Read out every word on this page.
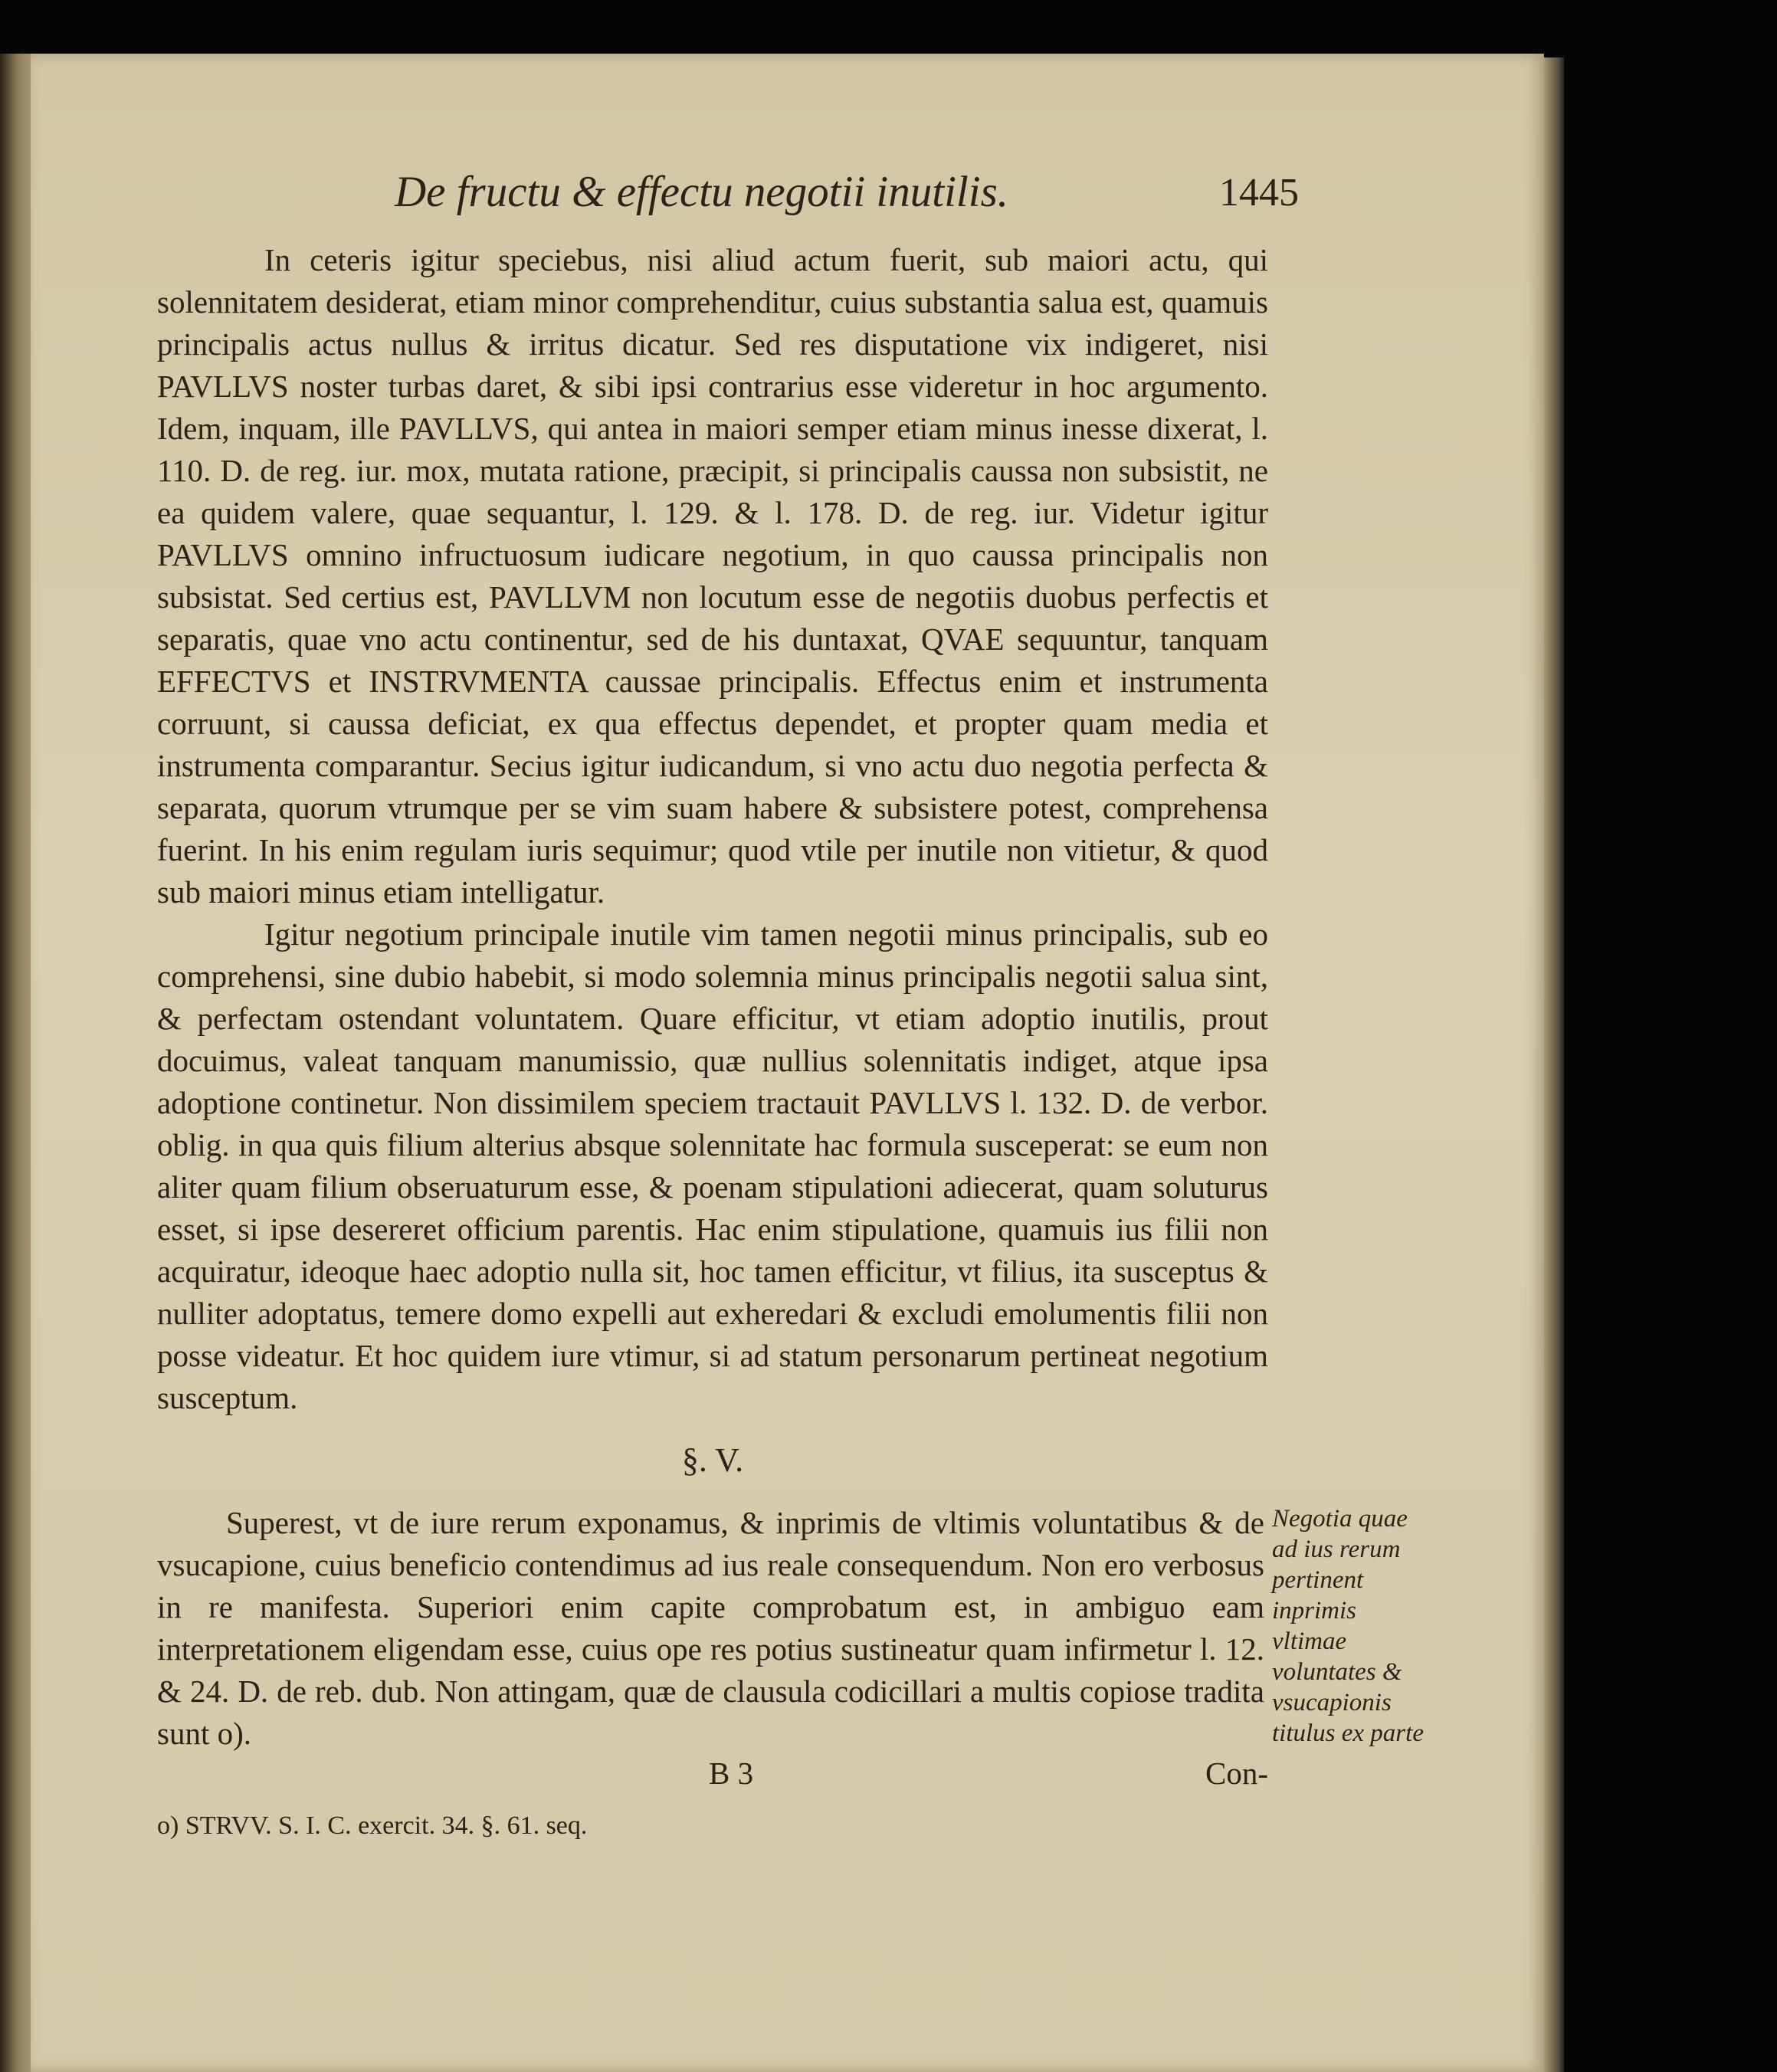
De fructu & effectu negotii inutilis.	1445

In ceteris igitur speciebus, nisi aliud actum fuerit, sub maiori actu, qui solennitatem desiderat, etiam minor comprehenditur, cuius substantia salua est, quamuis principalis actus nullus & irritus dicatur. Sed res disputatione vix indigeret, nisi PAVLLVS noster turbas daret, & sibi ipsi contrarius esse videretur in hoc argumento. Idem, inquam, ille PAVLLVS, qui antea in maiori semper etiam minus inesse dixerat, l. 110. D. de reg. iur. mox, mutata ratione, præcipit, si principalis caussa non subsistit, ne ea quidem valere, quae sequantur, l. 129. & l. 178. D. de reg. iur. Videtur igitur PAVLLVS omnino infructuosum iudicare negotium, in quo caussa principalis non subsistat. Sed certius est, PAVLLVM non locutum esse de negotiis duobus perfectis et separatis, quae vno actu continentur, sed de his duntaxat, QVAE sequuntur, tanquam EFFECTVS et INSTRVMENTA caussae principalis. Effectus enim et instrumenta corruunt, si caussa deficiat, ex qua effectus dependet, et propter quam media et instrumenta comparantur. Secius igitur iudicandum, si vno actu duo negotia perfecta & separata, quorum vtrumque per se vim suam habere & subsistere potest, comprehensa fuerint. In his enim regulam iuris sequimur; quod vtile per inutile non vitietur, & quod sub maiori minus etiam intelligatur.

Igitur negotium principale inutile vim tamen negotii minus principalis, sub eo comprehensi, sine dubio habebit, si modo solemnia minus principalis negotii salua sint, & perfectam ostendant voluntatem. Quare efficitur, vt etiam adoptio inutilis, prout docuimus, valeat tanquam manumissio, quæ nullius solennitatis indiget, atque ipsa adoptione continetur. Non dissimilem speciem tractauit PAVLLVS l. 132. D. de verbor. oblig. in qua quis filium alterius absque solennitate hac formula susceperat: se eum non aliter quam filium obseruaturum esse, & poenam stipulationi adiecerat, quam soluturus esset, si ipse desereret officium parentis. Hac enim stipulatione, quamuis ius filii non acquiratur, ideoque haec adoptio nulla sit, hoc tamen efficitur, vt filius, ita susceptus & nulliter adoptatus, temere domo expelli aut exheredari & excludi emolumentis filii non posse videatur. Et hoc quidem iure vtimur, si ad statum personarum pertineat negotium susceptum.

§. V.

Superest, vt de iure rerum exponamus, & inprimis de vltimis voluntatibus & de vsucapione, cuius beneficio contendimus ad ius reale consequendum. Non ero verbosus in re manifesta. Superiori enim capite comprobatum est, in ambiguo eam interpretationem eligendam esse, cuius ope res potius sustineatur quam infirmetur l. 12. & 24. D. de reb. dub. Non attingam, quæ de clausula codicillari a multis copiose tradita sunt o).

Negotia quae ad ius rerum pertinent inprimis vltimae voluntates & vsucapionis titulus ex parte
B 3	Con-
o) STRVV. S. I. C. exercit. 34. §. 61. seq.
